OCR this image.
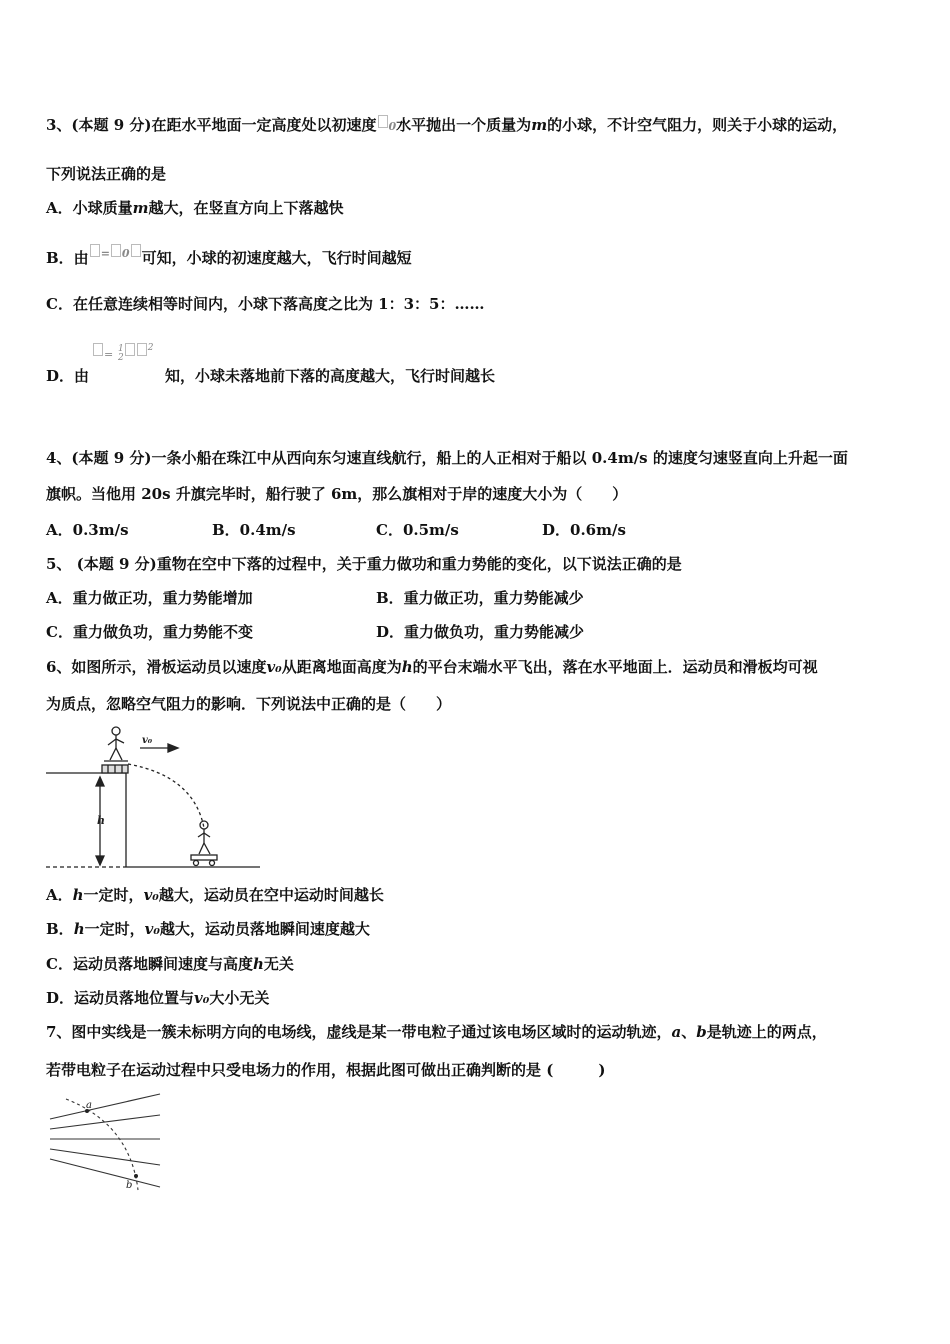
3、(本题 9 分)在距水平地面一定高度处以初速度 0水平抛出一个质量为m的小球，不计空气阻力，则关于小球的运动，
下列说法正确的是
A．小球质量m越大，在竖直方向上下落越快
B．由 = $^0$ 可知，小球的初速度越大，飞行时间越短
C．在任意连续相等时间内，小球下落高度之比为 1：3：5：……
= 1
$2^2$
D．由	知，小球未落地前下落的高度越大，飞行时间越长
4、(本题 9 分)一条小船在珠江中从西向东匀速直线航行，船上的人正相对于船以 0.4m/s 的速度匀速竖直向上升起一面
旗帜。当他用 20s 升旗完毕时，船行驶了 6m，那么旗相对于岸的速度大小为（　　）
A．0.3m/s	B．0.4m/s	C．0.5m/s	D．0.6m/s
5、 (本题 9 分)重物在空中下落的过程中，关于重力做功和重力势能的变化，以下说法正确的是
A．重力做正功，重力势能增加	B．重力做正功，重力势能减少
C．重力做负功，重力势能不变	D．重力做负功，重力势能减少
6、如图所示，滑板运动员以速度v₀从距离地面高度为h的平台末端水平飞出，落在水平地面上．运动员和滑板均可视
为质点，忽略空气阻力的影响．下列说法中正确的是（　　）
v₀
h
A．h一定时，v₀越大，运动员在空中运动时间越长
B．h一定时，v₀越大，运动员落地瞬间速度越大
C．运动员落地瞬间速度与高度h无关
D．运动员落地位置与v₀大小无关
7、图中实线是一簇未标明方向的电场线，虚线是某一带电粒子通过该电场区域时的运动轨迹，a、b是轨迹上的两点，
若带电粒子在运动过程中只受电场力的作用，根据此图可做出正确判断的是 (　　　)
a
b
